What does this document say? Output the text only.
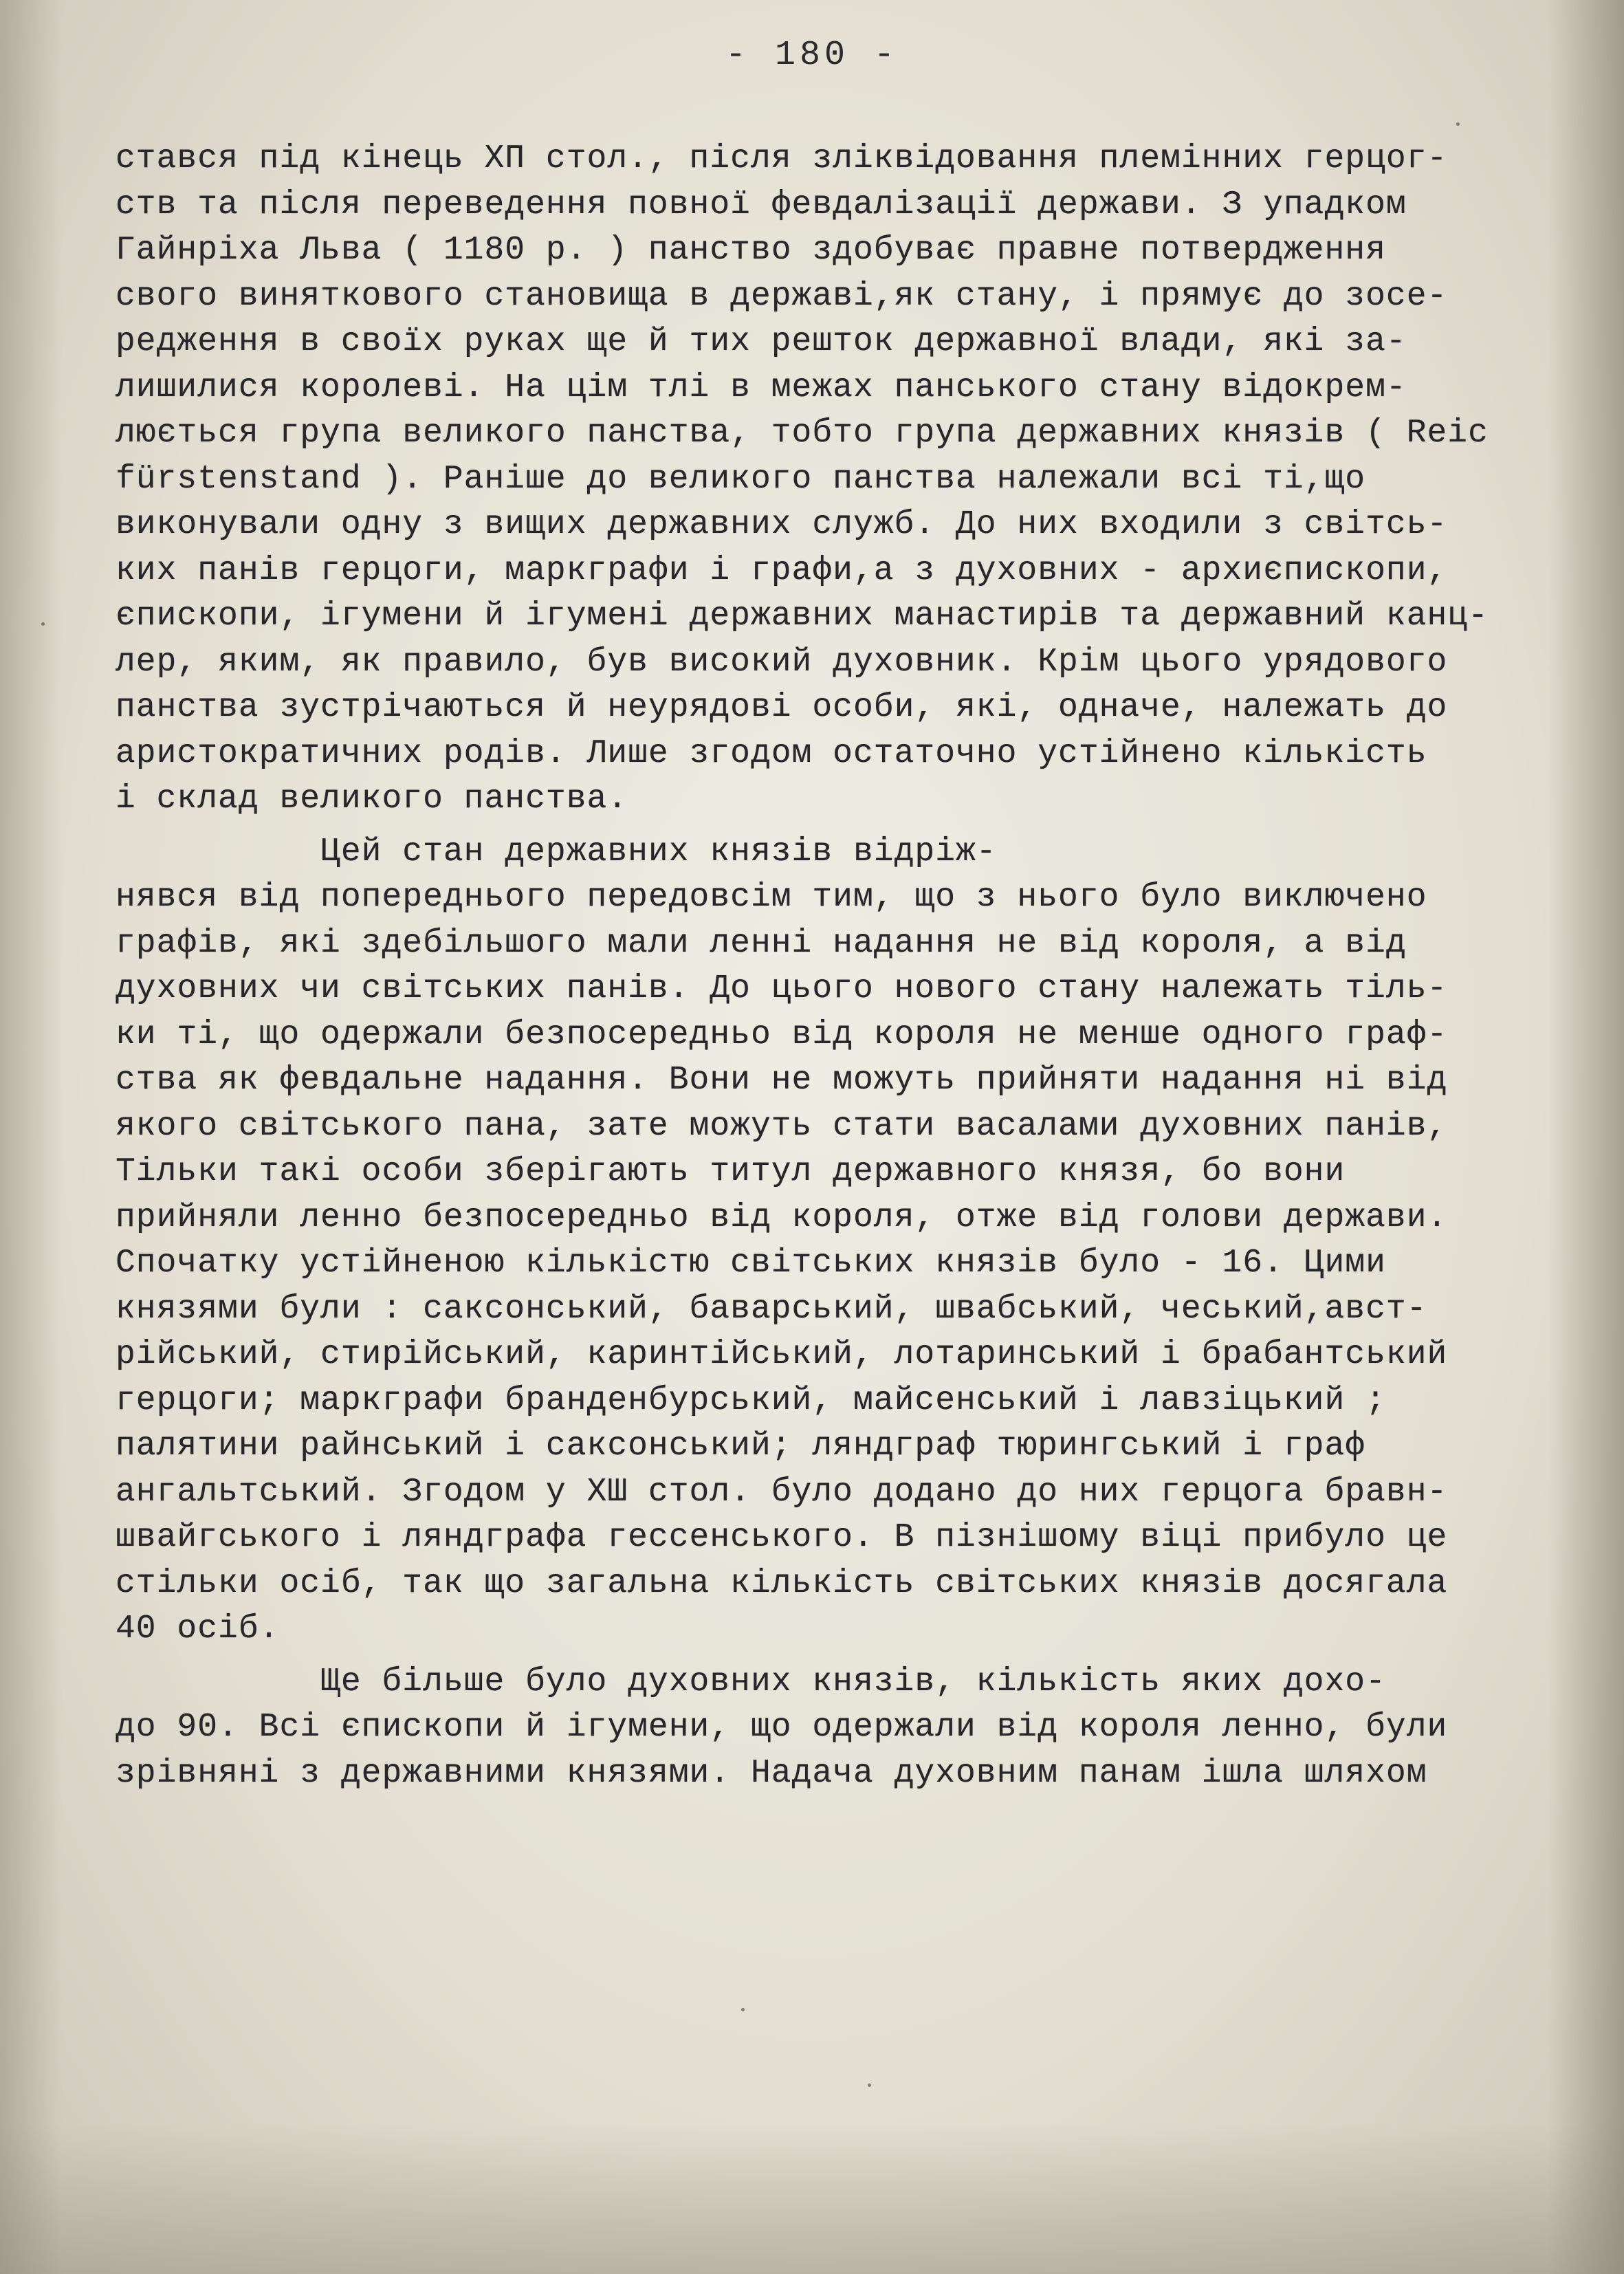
- 180 -
стався під кінець ХП стол., після зліквідовання племінних герцог-
ств та після переведення повної февдалізації держави. З упадком
Гайнріха Льва ( 1180 р. ) панство здобуває правне потвердження
свого виняткового становища в державі,як стану, і прямує до зосе-
редження в своїх руках ще й тих решток державної влади, які за-
лишилися королеві. На цім тлі в межах панського стану відокрем-
люється група великого панства, тобто група державних князів ( Reic
fürstenstand ). Раніше до великого панства належали всі ті,що
виконували одну з вищих державних служб. До них входили з світсь-
ких панів герцоги, маркграфи і графи,а з духовних - архиєпископи,
єпископи, ігумени й ігумені державних манастирів та державний канц-
лер, яким, як правило, був високий духовник. Крім цього урядового
панства зустрічаються й неурядові особи, які, одначе, належать до
аристократичних родів. Лише згодом остаточно устійнено кількість
і склад великого панства.
Цей стан державних князів відріж-
нявся від попереднього передовсім тим, що з нього було виключено
графів, які здебільшого мали ленні надання не від короля, а від
духовних чи світських панів. До цього нового стану належать тіль-
ки ті, що одержали безпосередньо від короля не менше одного граф-
ства як февдальне надання. Вони не можуть прийняти надання ні від
якого світського пана, зате можуть стати васалами духовних панів,
Тільки такі особи зберігають титул державного князя, бо вони
прийняли ленно безпосередньо від короля, отже від голови держави.
Спочатку устійненою кількістю світських князів було - 16. Цими
князями були : саксонський, баварський, швабський, чеський,авст-
рійський, стирійський, каринтійський, лотаринський і брабантський
герцоги; маркграфи бранденбурський, майсенський і лавзіцький ;
палятини райнський і саксонський; ляндграф тюрингський і граф
ангальтський. Згодом у ХШ стол. було додано до них герцога бравн-
швайгського і ляндграфа гессенського. В пізнішому віці прибуло це
стільки осіб, так що загальна кількість світських князів досягала
40 осіб.
Ще більше було духовних князів, кількість яких дохо-
до 90. Всі єпископи й ігумени, що одержали від короля ленно, були
зрівняні з державними князями. Надача духовним панам ішла шляхом
